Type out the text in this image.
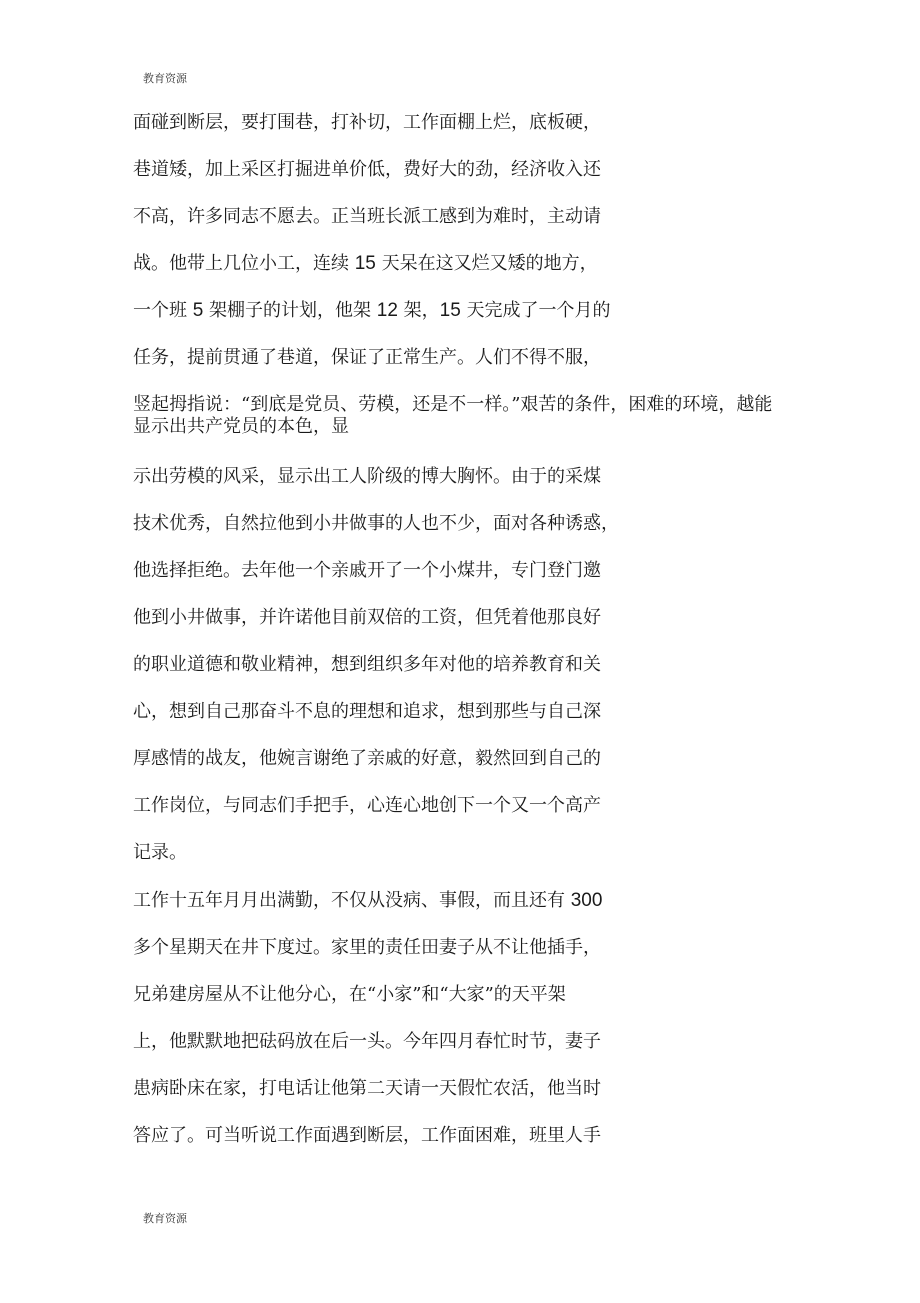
教育资源
面碰到断层，要打围巷，打补切，工作面棚上烂，底板硬，
巷道矮，加上采区打掘进单价低，费好大的劲，经济收入还
不高，许多同志不愿去。正当班长派工感到为难时，主动请
战。他带上几位小工，连续 15 天呆在这又烂又矮的地方，
一个班 5 架棚子的计划，他架 12 架，15 天完成了一个月的
任务，提前贯通了巷道，保证了正常生产。人们不得不服，
竖起拇指说：“到底是党员、劳模，还是不一样。”艰苦的条件，困难的环境，越能显示出共产党员的本色，显
示出劳模的风采，显示出工人阶级的博大胸怀。由于的采煤
技术优秀，自然拉他到小井做事的人也不少，面对各种诱惑，
他选择拒绝。去年他一个亲戚开了一个小煤井，专门登门邀
他到小井做事，并许诺他目前双倍的工资，但凭着他那良好
的职业道德和敬业精神，想到组织多年对他的培养教育和关
心，想到自己那奋斗不息的理想和追求，想到那些与自己深
厚感情的战友，他婉言谢绝了亲戚的好意，毅然回到自己的
工作岗位，与同志们手把手，心连心地创下一个又一个高产
记录。
工作十五年月月出满勤，不仅从没病、事假，而且还有 300
多个星期天在井下度过。家里的责任田妻子从不让他插手，
兄弟建房屋从不让他分心，在“小家”和“大家”的天平架
上，他默默地把砝码放在后一头。今年四月春忙时节，妻子
患病卧床在家，打电话让他第二天请一天假忙农活，他当时
答应了。可当听说工作面遇到断层，工作面困难，班里人手
教育资源
